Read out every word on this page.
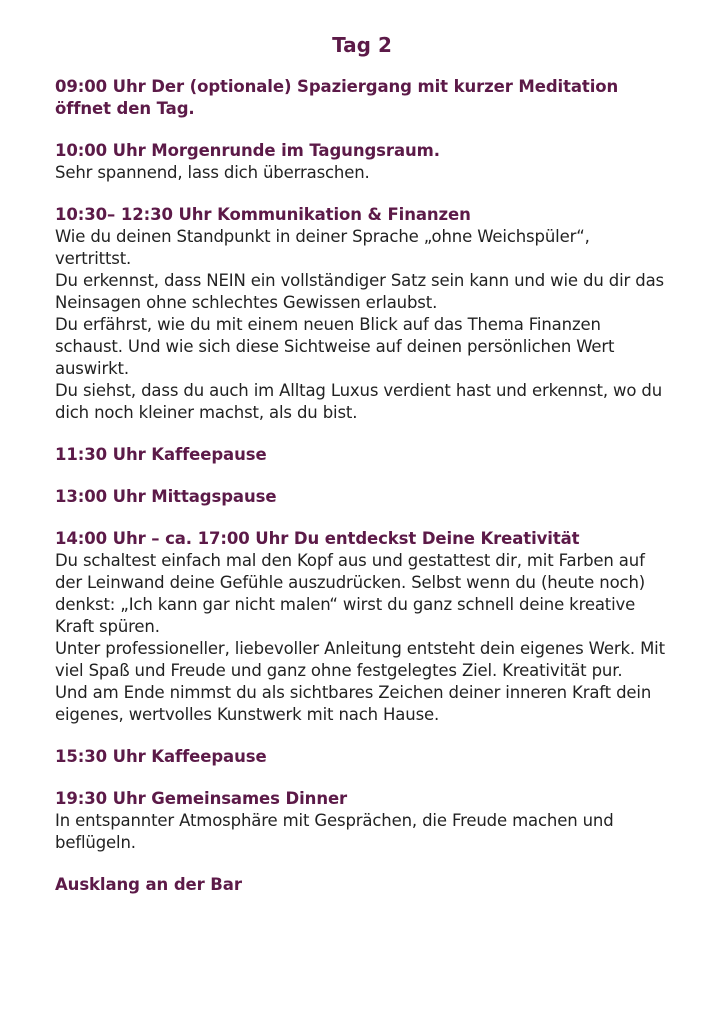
Tag 2

09:00 Uhr Der (optionale) Spaziergang mit kurzer Meditation öffnet den Tag.

10:00 Uhr Morgenrunde im Tagungsraum.

Sehr spannend, lass dich überraschen.

10:30– 12:30 Uhr Kommunikation & Finanzen

Wie du deinen Standpunkt in deiner Sprache „ohne Weichspüler“, vertrittst.

Du erkennst, dass NEIN ein vollständiger Satz sein kann und wie du dir das Neinsagen ohne schlechtes Gewissen erlaubst.

Du erfährst, wie du mit einem neuen Blick auf das Thema Finanzen schaust. Und wie sich diese Sichtweise auf deinen persönlichen Wert auswirkt.

Du siehst, dass du auch im Alltag Luxus verdient hast und erkennst, wo du dich noch kleiner machst, als du bist.

11:30 Uhr Kaffeepause

13:00 Uhr Mittagspause

14:00 Uhr – ca. 17:00 Uhr Du entdeckst Deine Kreativität

Du schaltest einfach mal den Kopf aus und gestattest dir, mit Farben auf der Leinwand deine Gefühle auszudrücken. Selbst wenn du (heute noch) denkst: „Ich kann gar nicht malen“ wirst du ganz schnell deine kreative Kraft spüren.

Unter professioneller, liebevoller Anleitung entsteht dein eigenes Werk. Mit viel Spaß und Freude und ganz ohne festgelegtes Ziel. Kreativität pur.

Und am Ende nimmst du als sichtbares Zeichen deiner inneren Kraft dein eigenes, wertvolles Kunstwerk mit nach Hause.

15:30 Uhr Kaffeepause

19:30 Uhr Gemeinsames Dinner

In entspannter Atmosphäre mit Gesprächen, die Freude machen und beflügeln.

Ausklang an der Bar
